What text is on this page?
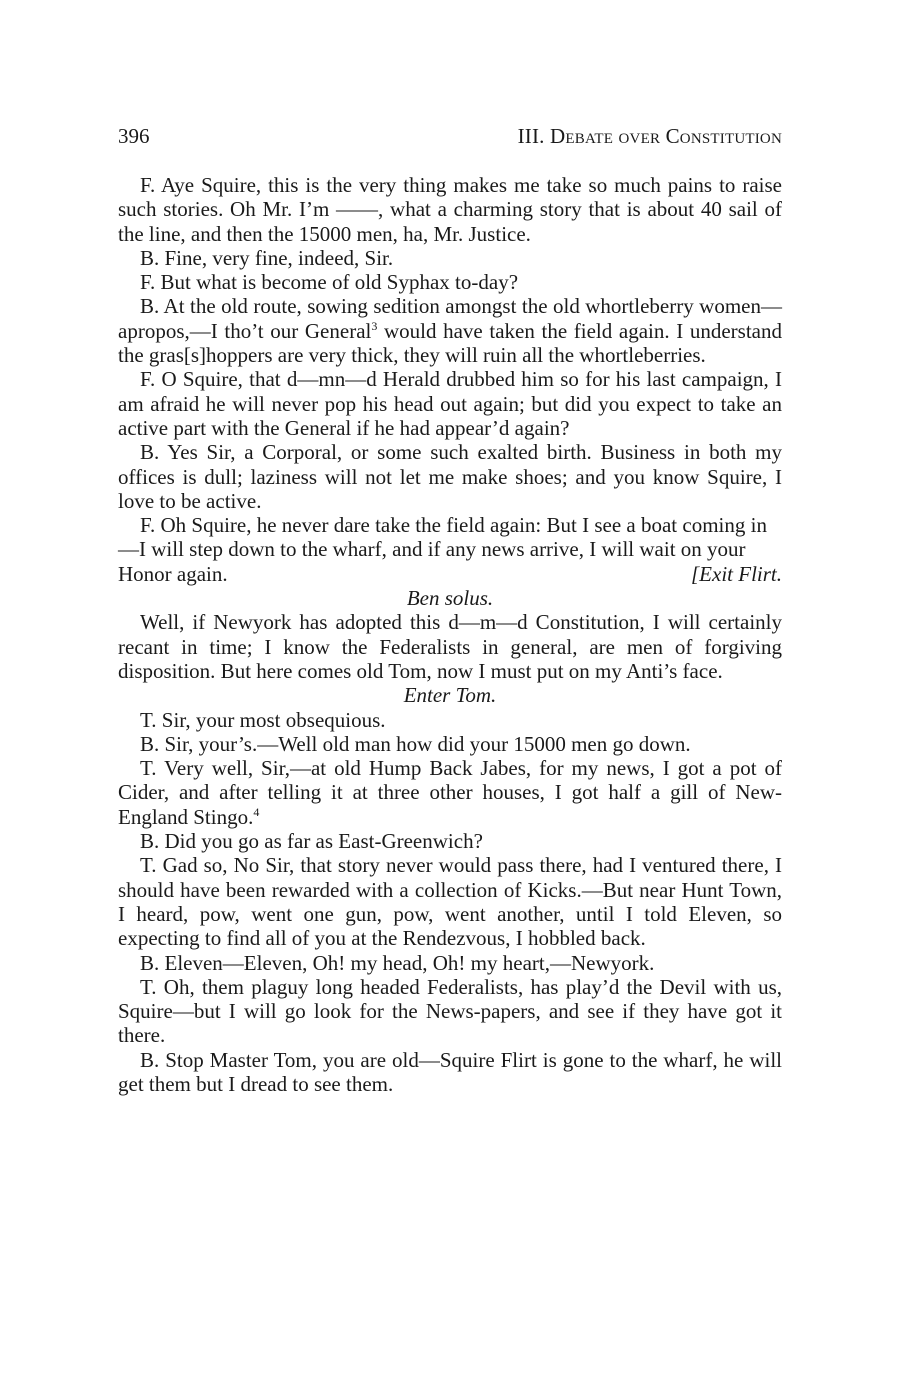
396	III. Debate over Constitution

F. Aye Squire, this is the very thing makes me take so much pains to raise such stories. Oh Mr. I’m ——, what a charming story that is about 40 sail of the line, and then the 15000 men, ha, Mr. Justice.

B. Fine, very fine, indeed, Sir.

F. But what is become of old Syphax to-day?

B. At the old route, sowing sedition amongst the old whortleberry women—apropos,—I tho’t our General$^3$ would have taken the field again. I understand the gras[s]hoppers are very thick, they will ruin all the whortleberries.

F. O Squire, that d—mn—d Herald drubbed him so for his last campaign, I am afraid he will never pop his head out again; but did you expect to take an active part with the General if he had appear’d again?

B. Yes Sir, a Corporal, or some such exalted birth. Business in both my offices is dull; laziness will not let me make shoes; and you know Squire, I love to be active.

F. Oh Squire, he never dare take the field again: But I see a boat coming in—I will step down to the wharf, and if any news arrive, I will wait on your Honor again.	[Exit Flirt.

Ben solus.

Well, if Newyork has adopted this d—m—d Constitution, I will certainly recant in time; I know the Federalists in general, are men of forgiving disposition. But here comes old Tom, now I must put on my Anti’s face.

Enter Tom.

T. Sir, your most obsequious.

B. Sir, your’s.—Well old man how did your 15000 men go down.

T. Very well, Sir,—at old Hump Back Jabes, for my news, I got a pot of Cider, and after telling it at three other houses, I got half a gill of New-England Stingo.$^4$

B. Did you go as far as East-Greenwich?

T. Gad so, No Sir, that story never would pass there, had I ventured there, I should have been rewarded with a collection of Kicks.—But near Hunt Town, I heard, pow, went one gun, pow, went another, until I told Eleven, so expecting to find all of you at the Rendezvous, I hobbled back.

B. Eleven—Eleven, Oh! my head, Oh! my heart,—Newyork.

T. Oh, them plaguy long headed Federalists, has play’d the Devil with us, Squire—but I will go look for the News-papers, and see if they have got it there.

B. Stop Master Tom, you are old—Squire Flirt is gone to the wharf, he will get them but I dread to see them.
